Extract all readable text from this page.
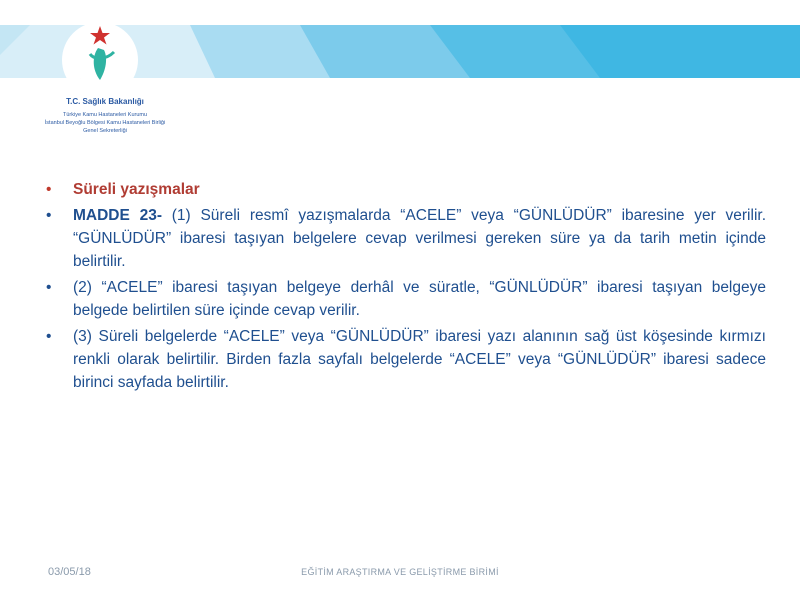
T.C. Sağlık Bakanlığı
Türkiye Kamu Hastaneleri Kurumu
İstanbul Beyoğlu Bölgesi Kamu Hastaneleri Birliği
Genel Sekreterliği
• Süreli yazışmalar
• MADDE 23- (1) Süreli resmî yazışmalarda “ACELE” veya “GÜNLÜDÜR” ibaresine yer verilir. “GÜNLÜDÜR” ibaresi taşıyan belgelere cevap verilmesi gereken süre ya da tarih metin içinde belirtilir.
• (2) “ACELE” ibaresi taşıyan belgeye derhâl ve süratle, “GÜNLÜDÜR” ibaresi taşıyan belgeye belgede belirtilen süre içinde cevap verilir.
• (3) Süreli belgelerde “ACELE” veya “GÜNLÜDÜR” ibaresi yazı alanının sağ üst köşesinde kırmızı renkli olarak belirtilir. Birden fazla sayfalı belgelerde “ACELE” veya “GÜNLÜDÜR” ibaresi sadece birinci sayfada belirtilir.
03/05/18	EĞİTİM ARAŞTIRMA VE GELİŞTİRME BİRİMİ
